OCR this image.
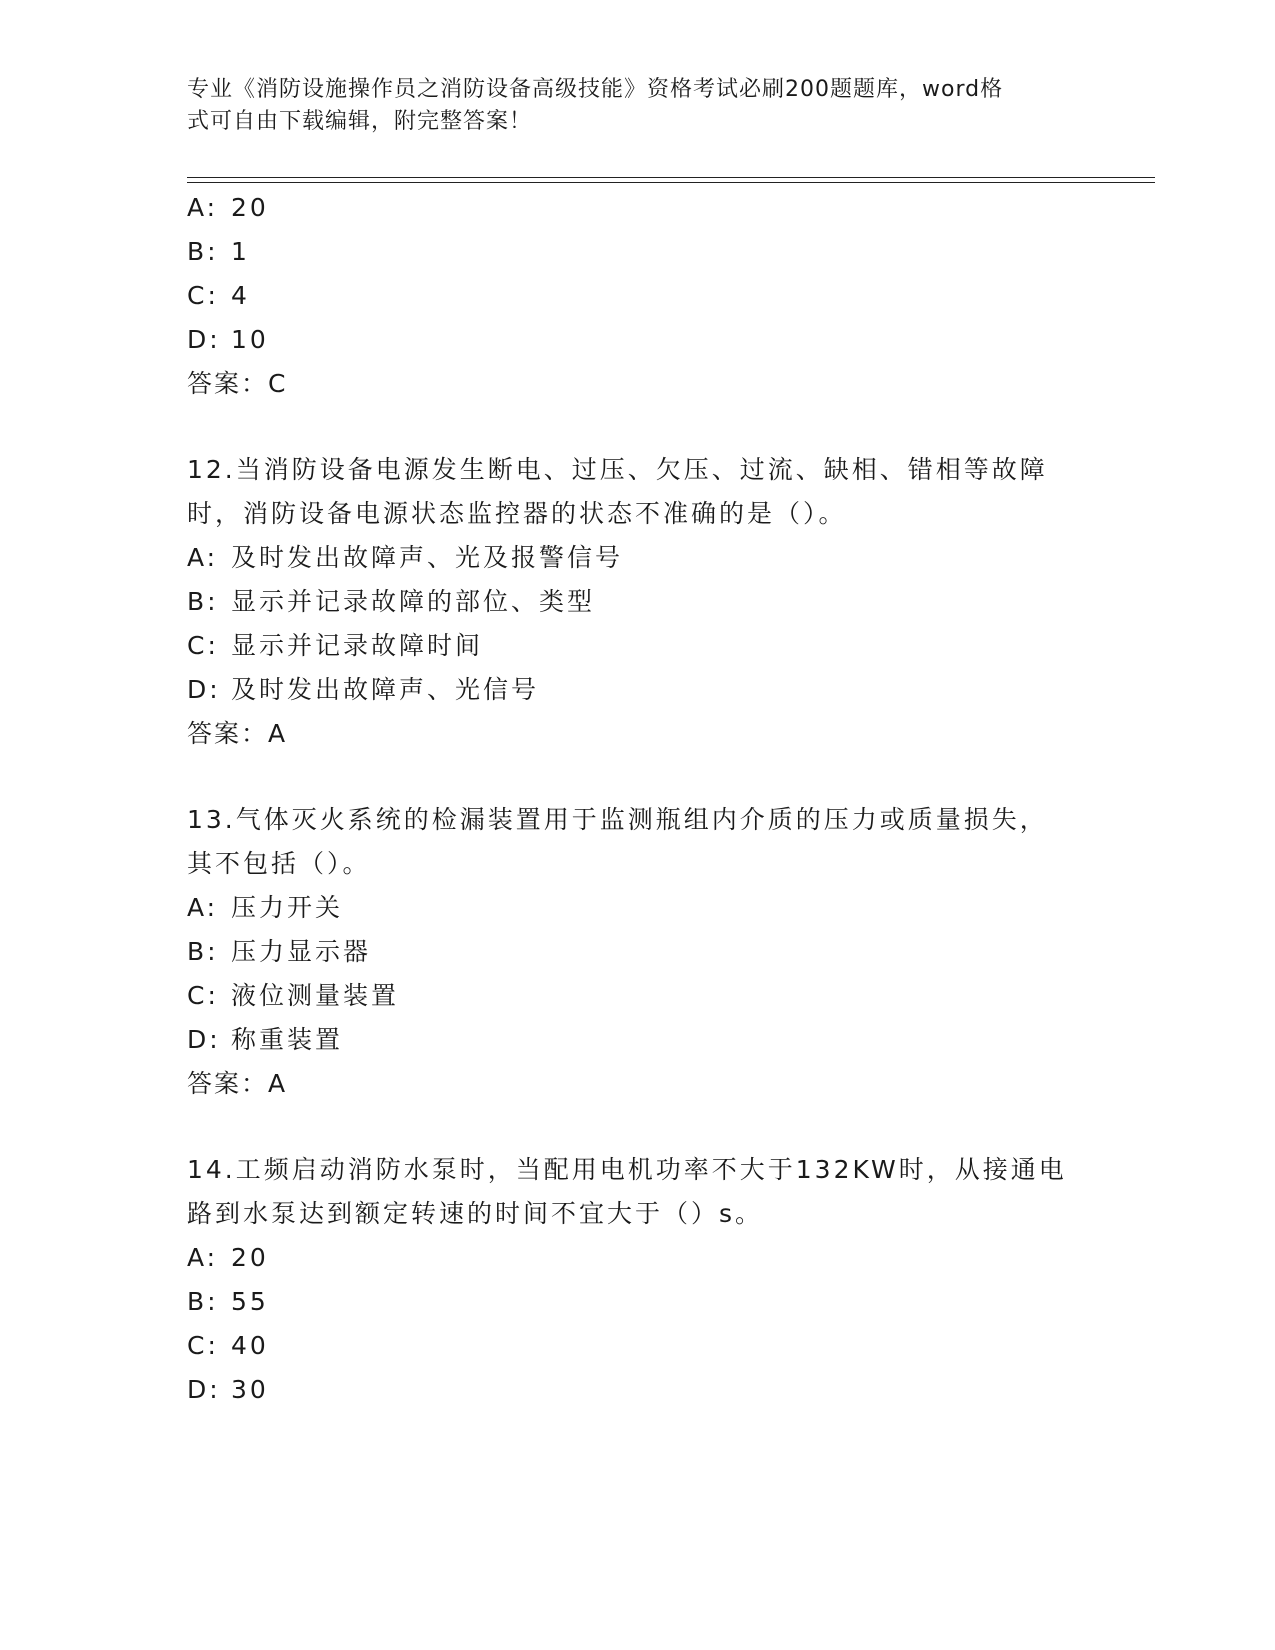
专业《消防设施操作员之消防设备高级技能》资格考试必刷200题题库，word格
式可自由下载编辑，附完整答案！
A: 20
B: 1
C: 4
D: 10
答案：C
12.当消防设备电源发生断电、过压、欠压、过流、缺相、错相等故障
时，消防设备电源状态监控器的状态不准确的是（）。
A: 及时发出故障声、光及报警信号
B: 显示并记录故障的部位、类型
C: 显示并记录故障时间
D: 及时发出故障声、光信号
答案：A
13.气体灭火系统的检漏装置用于监测瓶组内介质的压力或质量损失，
其不包括（）。
A: 压力开关
B: 压力显示器
C: 液位测量装置
D: 称重装置
答案：A
14.工频启动消防水泵时，当配用电机功率不大于132KW时，从接通电
路到水泵达到额定转速的时间不宜大于（）s。
A: 20
B: 55
C: 40
D: 30
